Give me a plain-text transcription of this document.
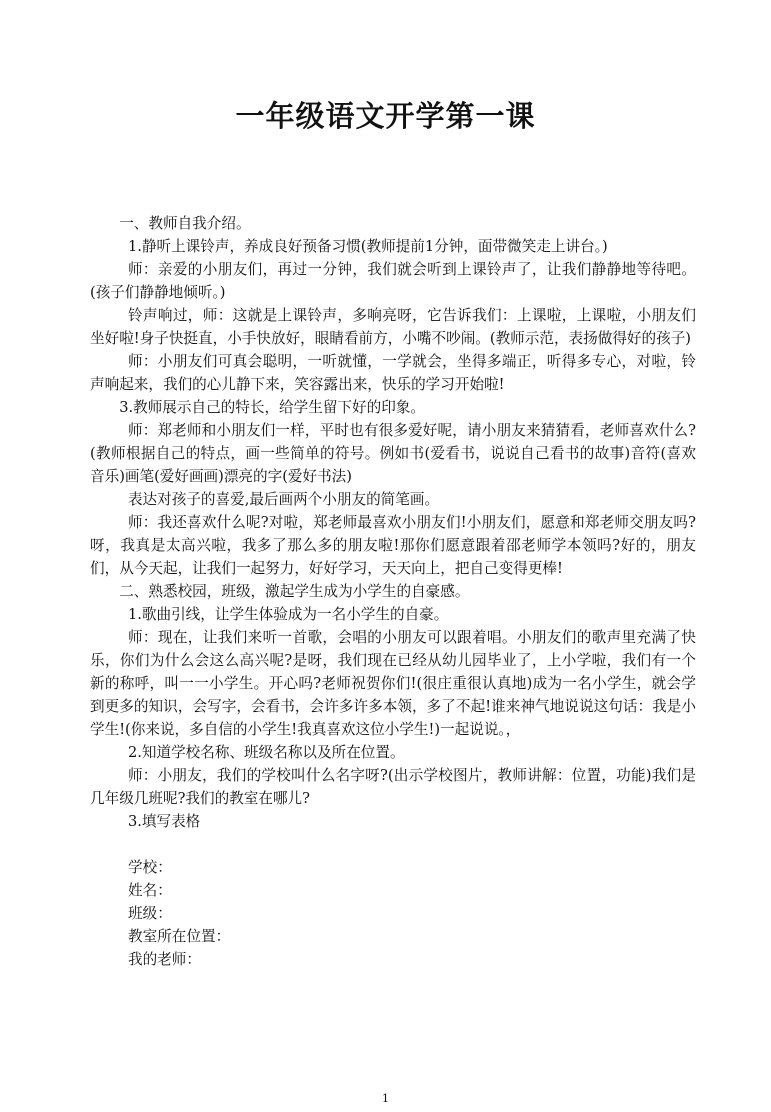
一年级语文开学第一课

一、教师自我介绍。

1.静听上课铃声，养成良好预备习惯(教师提前1分钟，面带微笑走上讲台。)

师：亲爱的小朋友们，再过一分钟，我们就会听到上课铃声了，让我们静静地等待吧。(孩子们静静地倾听。)

铃声响过，师：这就是上课铃声，多响亮呀，它告诉我们：上课啦，上课啦，小朋友们坐好啦!身子快挺直，小手快放好，眼睛看前方，小嘴不吵闹。(教师示范，表扬做得好的孩子)

师：小朋友们可真会聪明，一听就懂，一学就会，坐得多端正，听得多专心，对啦，铃声响起来，我们的心儿静下来，笑容露出来，快乐的学习开始啦!

3.教师展示自己的特长，给学生留下好的印象。

师：郑老师和小朋友们一样，平时也有很多爱好呢，请小朋友来猜猜看，老师喜欢什么?(教师根据自己的特点，画一些简单的符号。例如书(爱看书，说说自己看书的故事)音符(喜欢音乐)画笔(爱好画画)漂亮的字(爱好书法)

表达对孩子的喜爱,最后画两个小朋友的简笔画。

师：我还喜欢什么呢?对啦，郑老师最喜欢小朋友们!小朋友们，愿意和郑老师交朋友吗?呀，我真是太高兴啦，我多了那么多的朋友啦!那你们愿意跟着邵老师学本领吗?好的，朋友们，从今天起，让我们一起努力，好好学习，天天向上，把自己变得更棒!

二、熟悉校园，班级，激起学生成为小学生的自豪感。

1.歌曲引线，让学生体验成为一名小学生的自豪。

师：现在，让我们来听一首歌，会唱的小朋友可以跟着唱。小朋友们的歌声里充满了快乐，你们为什么会这么高兴呢?是呀，我们现在已经从幼儿园毕业了，上小学啦，我们有一个新的称呼，叫一一小学生。开心吗?老师祝贺你们!(很庄重很认真地)成为一名小学生，就会学到更多的知识，会写字，会看书，会许多许多本领，多了不起!谁来神气地说说这句话：我是小学生!(你来说，多自信的小学生!我真喜欢这位小学生!)一起说说。，

2.知道学校名称、班级名称以及所在位置。

师：小朋友，我们的学校叫什么名字呀?(出示学校图片，教师讲解：位置，功能)我们是几年级几班呢?我们的教室在哪儿?

3.填写表格

学校：
姓名：
班级：
教室所在位置：
我的老师：
1
